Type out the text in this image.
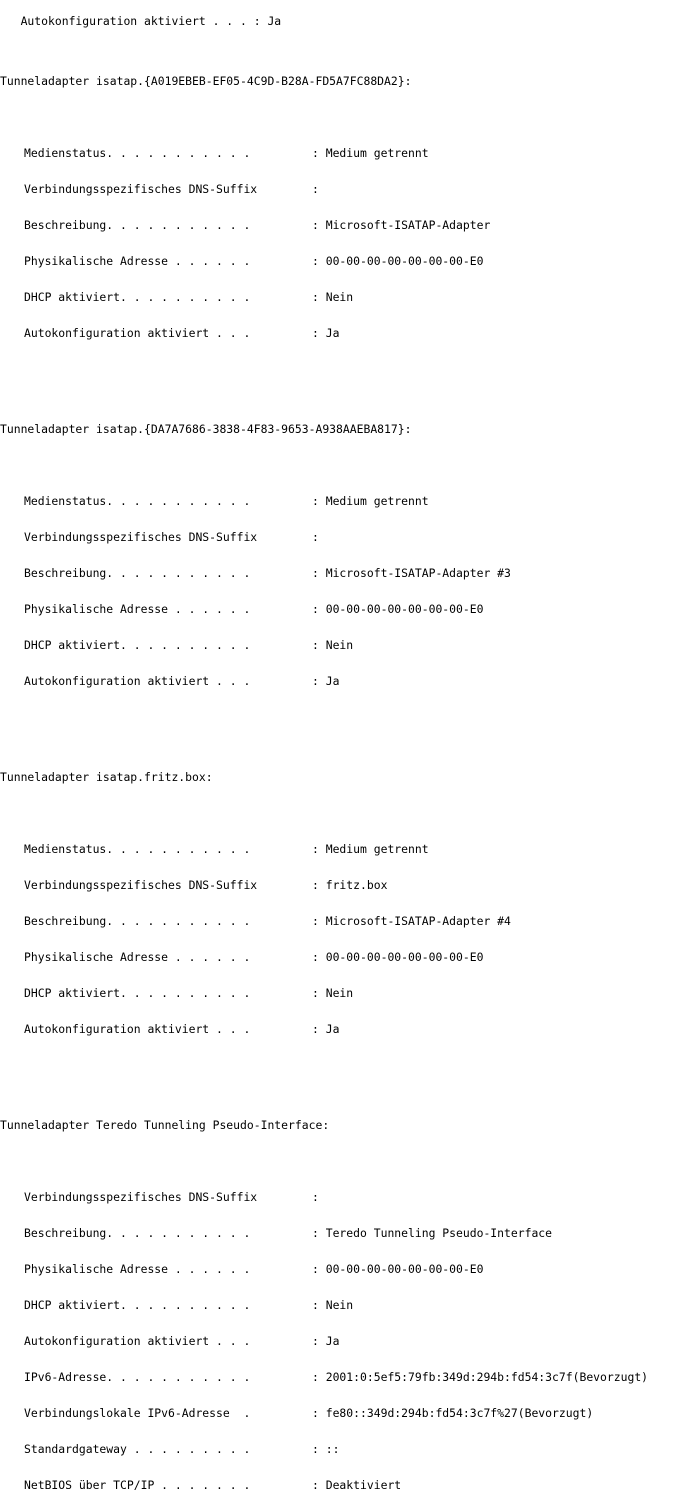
Autokonfiguration aktiviert . . . : Ja

Tunneladapter isatap.{A019EBEB-EF05-4C9D-B28A-FD5A7FC88DA2}:

Medienstatus. . . . . . . . . . .	: Medium getrennt

Verbindungsspezifisches DNS-Suffix	:

Beschreibung. . . . . . . . . . .	: Microsoft-ISATAP-Adapter

Physikalische Adresse . . . . . .	: 00-00-00-00-00-00-00-E0

DHCP aktiviert. . . . . . . . . .	: Nein

Autokonfiguration aktiviert . . .	: Ja

Tunneladapter isatap.{DA7A7686-3838-4F83-9653-A938AAEBA817}:

Medienstatus. . . . . . . . . . .	: Medium getrennt

Verbindungsspezifisches DNS-Suffix	:

Beschreibung. . . . . . . . . . .	: Microsoft-ISATAP-Adapter #3

Physikalische Adresse . . . . . .	: 00-00-00-00-00-00-00-E0

DHCP aktiviert. . . . . . . . . .	: Nein

Autokonfiguration aktiviert . . .	: Ja

Tunneladapter isatap.fritz.box:

Medienstatus. . . . . . . . . . .	: Medium getrennt

Verbindungsspezifisches DNS-Suffix	: fritz.box

Beschreibung. . . . . . . . . . .	: Microsoft-ISATAP-Adapter #4

Physikalische Adresse . . . . . .	: 00-00-00-00-00-00-00-E0

DHCP aktiviert. . . . . . . . . .	: Nein

Autokonfiguration aktiviert . . .	: Ja

Tunneladapter Teredo Tunneling Pseudo-Interface:

Verbindungsspezifisches DNS-Suffix	:

Beschreibung. . . . . . . . . . .	: Teredo Tunneling Pseudo-Interface

Physikalische Adresse . . . . . .	: 00-00-00-00-00-00-00-E0

DHCP aktiviert. . . . . . . . . .	: Nein

Autokonfiguration aktiviert . . .	: Ja

IPv6-Adresse. . . . . . . . . . .	: 2001:0:5ef5:79fb:349d:294b:fd54:3c7f(Bevorzugt)

Verbindungslokale IPv6-Adresse  .	: fe80::349d:294b:fd54:3c7f%27(Bevorzugt)

Standardgateway . . . . . . . . .	: ::

NetBIOS über TCP/IP . . . . . . .	: Deaktiviert
